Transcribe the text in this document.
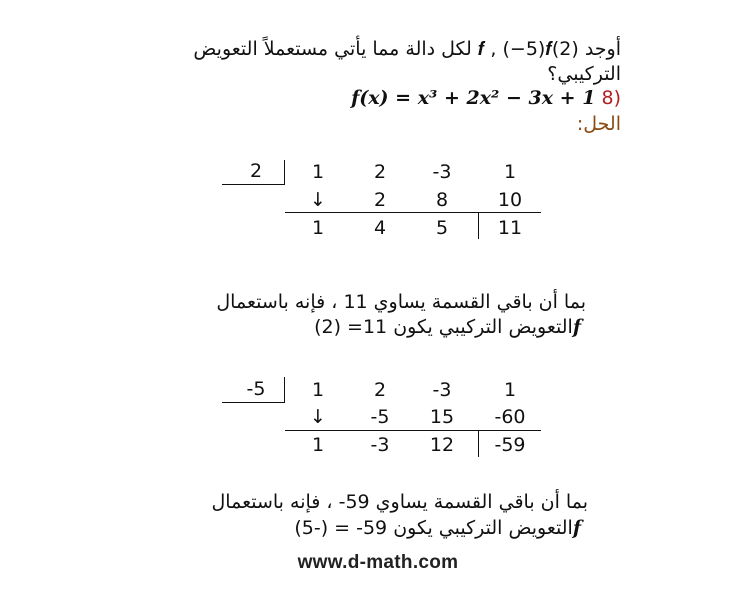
أوجد (2)𝒇 , (−5)𝒇 لكل دالة مما يأتي مستعملاً التعويض
التركيبي؟
f(x) = x³ + 2x² − 3x + 1 8)
الحل:
2	1	2	-3	1
↓	2	8	10
1	4	5	11
بما أن باقي القسمة يساوي 11 ، فإنه باستعمال
التعويض التركيبي يكون 11= (2)𝒇
-5	1	2	-3	1
↓	-5	15	-60
1	-3	12	-59
بما أن باقي القسمة يساوي 59- ، فإنه باستعمال
التعويض التركيبي يكون 59- = (-5)𝒇
www.d-math.com
